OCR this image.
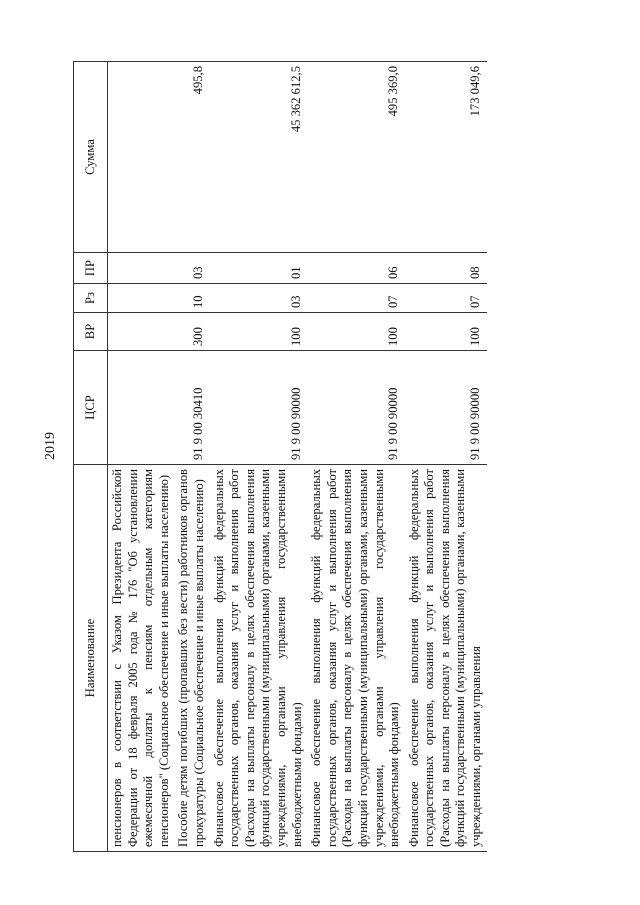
2019
Наименование	ЦСР	ВР	Рз	ПР	Сумма
пенсионеров в соответствии с Указом Президента Российской Федерации от 18 февраля 2005 года № 176 "Об установлении ежемесячной доплаты к пенсиям отдельным категориям пенсионеров" (Социальное обеспечение и иные выплаты населению)					
Пособие детям погибших (пропавших без вести) работников органов прокуратуры (Социальное обеспечение и иные выплаты населению)	91 9 00 30410	300	10	03	495,8
Финансовое обеспечение выполнения функций федеральных государственных органов, оказания услуг и выполнения работ (Расходы на выплаты персоналу в целях обеспечения выполнения функций государственными (муниципальными) органами, казенными учреждениями, органами управления государственными внебюджетными фондами)	91 9 00 90000	100	03	01	45 362 612,5
Финансовое обеспечение выполнения функций федеральных государственных органов, оказания услуг и выполнения работ (Расходы на выплаты персоналу в целях обеспечения выполнения функций государственными (муниципальными) органами, казенными учреждениями, органами управления государственными внебюджетными фондами)	91 9 00 90000	100	07	06	495 369,0
Финансовое обеспечение выполнения функций федеральных государственных органов, оказания услуг и выполнения работ (Расходы на выплаты персоналу в целях обеспечения выполнения функций государственными (муниципальными) органами, казенными учреждениями, органами управления	91 9 00 90000	100	07	08	173 049,6
